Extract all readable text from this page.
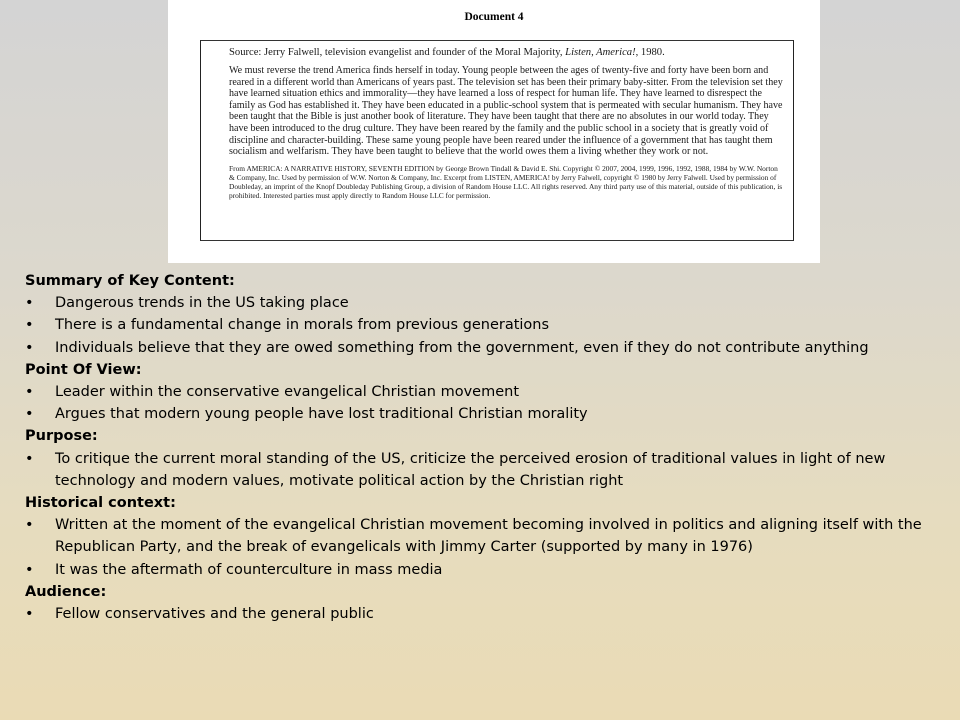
Document 4
Source: Jerry Falwell, television evangelist and founder of the Moral Majority, Listen, America!, 1980.
We must reverse the trend America finds herself in today. Young people between the ages of twenty-five and forty have been born and reared in a different world than Americans of years past. The television set has been their primary baby-sitter. From the television set they have learned situation ethics and immorality—they have learned a loss of respect for human life. They have learned to disrespect the family as God has established it. They have been educated in a public-school system that is permeated with secular humanism. They have been taught that the Bible is just another book of literature. They have been taught that there are no absolutes in our world today. They have been introduced to the drug culture. They have been reared by the family and the public school in a society that is greatly void of discipline and character-building. These same young people have been reared under the influence of a government that has taught them socialism and welfarism. They have been taught to believe that the world owes them a living whether they work or not.
From AMERICA: A NARRATIVE HISTORY, SEVENTH EDITION by George Brown Tindall & David E. Shi. Copyright © 2007, 2004, 1999, 1996, 1992, 1988, 1984 by W.W. Norton & Company, Inc. Used by permission of W.W. Norton & Company, Inc. Excerpt from LISTEN, AMERICA! by Jerry Falwell, copyright © 1980 by Jerry Falwell. Used by permission of Doubleday, an imprint of the Knopf Doubleday Publishing Group, a division of Random House LLC. All rights reserved. Any third party use of this material, outside of this publication, is prohibited. Interested parties must apply directly to Random House LLC for permission.
Summary of Key Content:
•	Dangerous trends in the US taking place
•	There is a fundamental change in morals from previous generations
•	Individuals believe that they are owed something from the government, even if they do not contribute anything
Point Of View:
•	Leader within the conservative evangelical Christian movement
•	Argues that modern young people have lost traditional Christian morality
Purpose:
•	To critique the current moral standing of the US, criticize the perceived erosion of traditional values in light of new technology and modern values, motivate political action by the Christian right
Historical context:
•	Written at the moment of the evangelical Christian movement becoming involved in politics and aligning itself with the Republican Party, and the break of evangelicals with Jimmy Carter (supported by many in 1976)
•	It was the aftermath of counterculture in mass media
Audience:
•	Fellow conservatives and the general public
